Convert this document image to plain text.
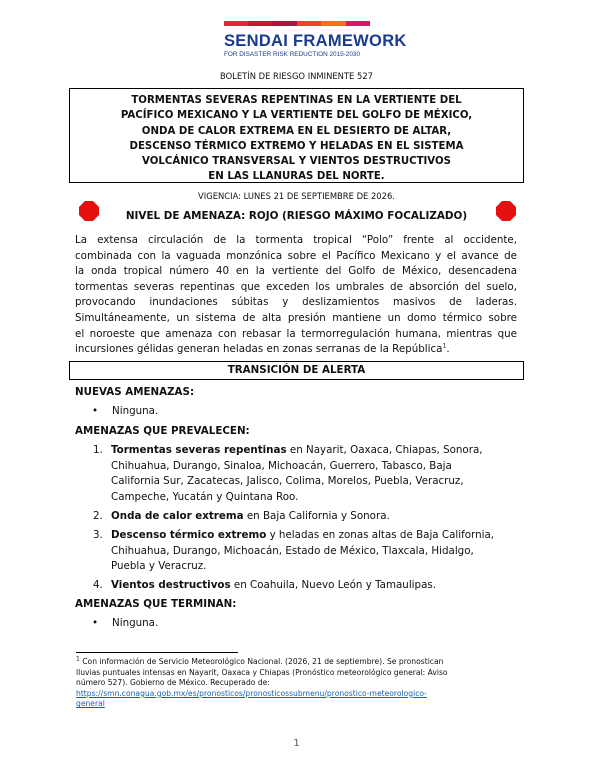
SENDAI FRAMEWORK
FOR DISASTER RISK REDUCTION 2015-2030
BOLETÍN DE RIESGO INMINENTE 527
TORMENTAS SEVERAS REPENTINAS EN LA VERTIENTE DEL
PACÍFICO MEXICANO Y LA VERTIENTE DEL GOLFO DE MÉXICO,
ONDA DE CALOR EXTREMA EN EL DESIERTO DE ALTAR,
DESCENSO TÉRMICO EXTREMO Y HELADAS EN EL SISTEMA
VOLCÁNICO TRANSVERSAL Y VIENTOS DESTRUCTIVOS
EN LAS LLANURAS DEL NORTE.
VIGENCIA: LUNES 21 DE SEPTIEMBRE DE 2026.
NIVEL DE AMENAZA: ROJO (RIESGO MÁXIMO FOCALIZADO)
La extensa circulación de la tormenta tropical “Polo” frente al occidente,
combinada con la vaguada monzónica sobre el Pacífico Mexicano y el avance de
la onda tropical número 40 en la vertiente del Golfo de México, desencadena
tormentas severas repentinas que exceden los umbrales de absorción del suelo,
provocando inundaciones súbitas y deslizamientos masivos de laderas.
Simultáneamente, un sistema de alta presión mantiene un domo térmico sobre
el noroeste que amenaza con rebasar la termorregulación humana, mientras que
incursiones gélidas generan heladas en zonas serranas de la República$^1$.
TRANSICIÓN DE ALERTA
NUEVAS AMENAZAS:
• Ninguna.
AMENAZAS QUE PREVALECEN:
1. Tormentas severas repentinas en Nayarit, Oaxaca, Chiapas, Sonora,
Chihuahua, Durango, Sinaloa, Michoacán, Guerrero, Tabasco, Baja
California Sur, Zacatecas, Jalisco, Colima, Morelos, Puebla, Veracruz,
Campeche, Yucatán y Quintana Roo.
2. Onda de calor extrema en Baja California y Sonora.
3. Descenso térmico extremo y heladas en zonas altas de Baja California,
Chihuahua, Durango, Michoacán, Estado de México, Tlaxcala, Hidalgo,
Puebla y Veracruz.
4. Vientos destructivos en Coahuila, Nuevo León y Tamaulipas.
AMENAZAS QUE TERMINAN:
• Ninguna.
$^1$ Con información de Servicio Meteorológico Nacional. (2026, 21 de septiembre). Se pronostican
lluvias puntuales intensas en Nayarit, Oaxaca y Chiapas (Pronóstico meteorológico general: Aviso
número 527). Gobierno de México. Recuperado de:
https://smn.conagua.gob.mx/es/pronosticos/pronosticossubmenu/pronostico-meteorologico-
general
1
